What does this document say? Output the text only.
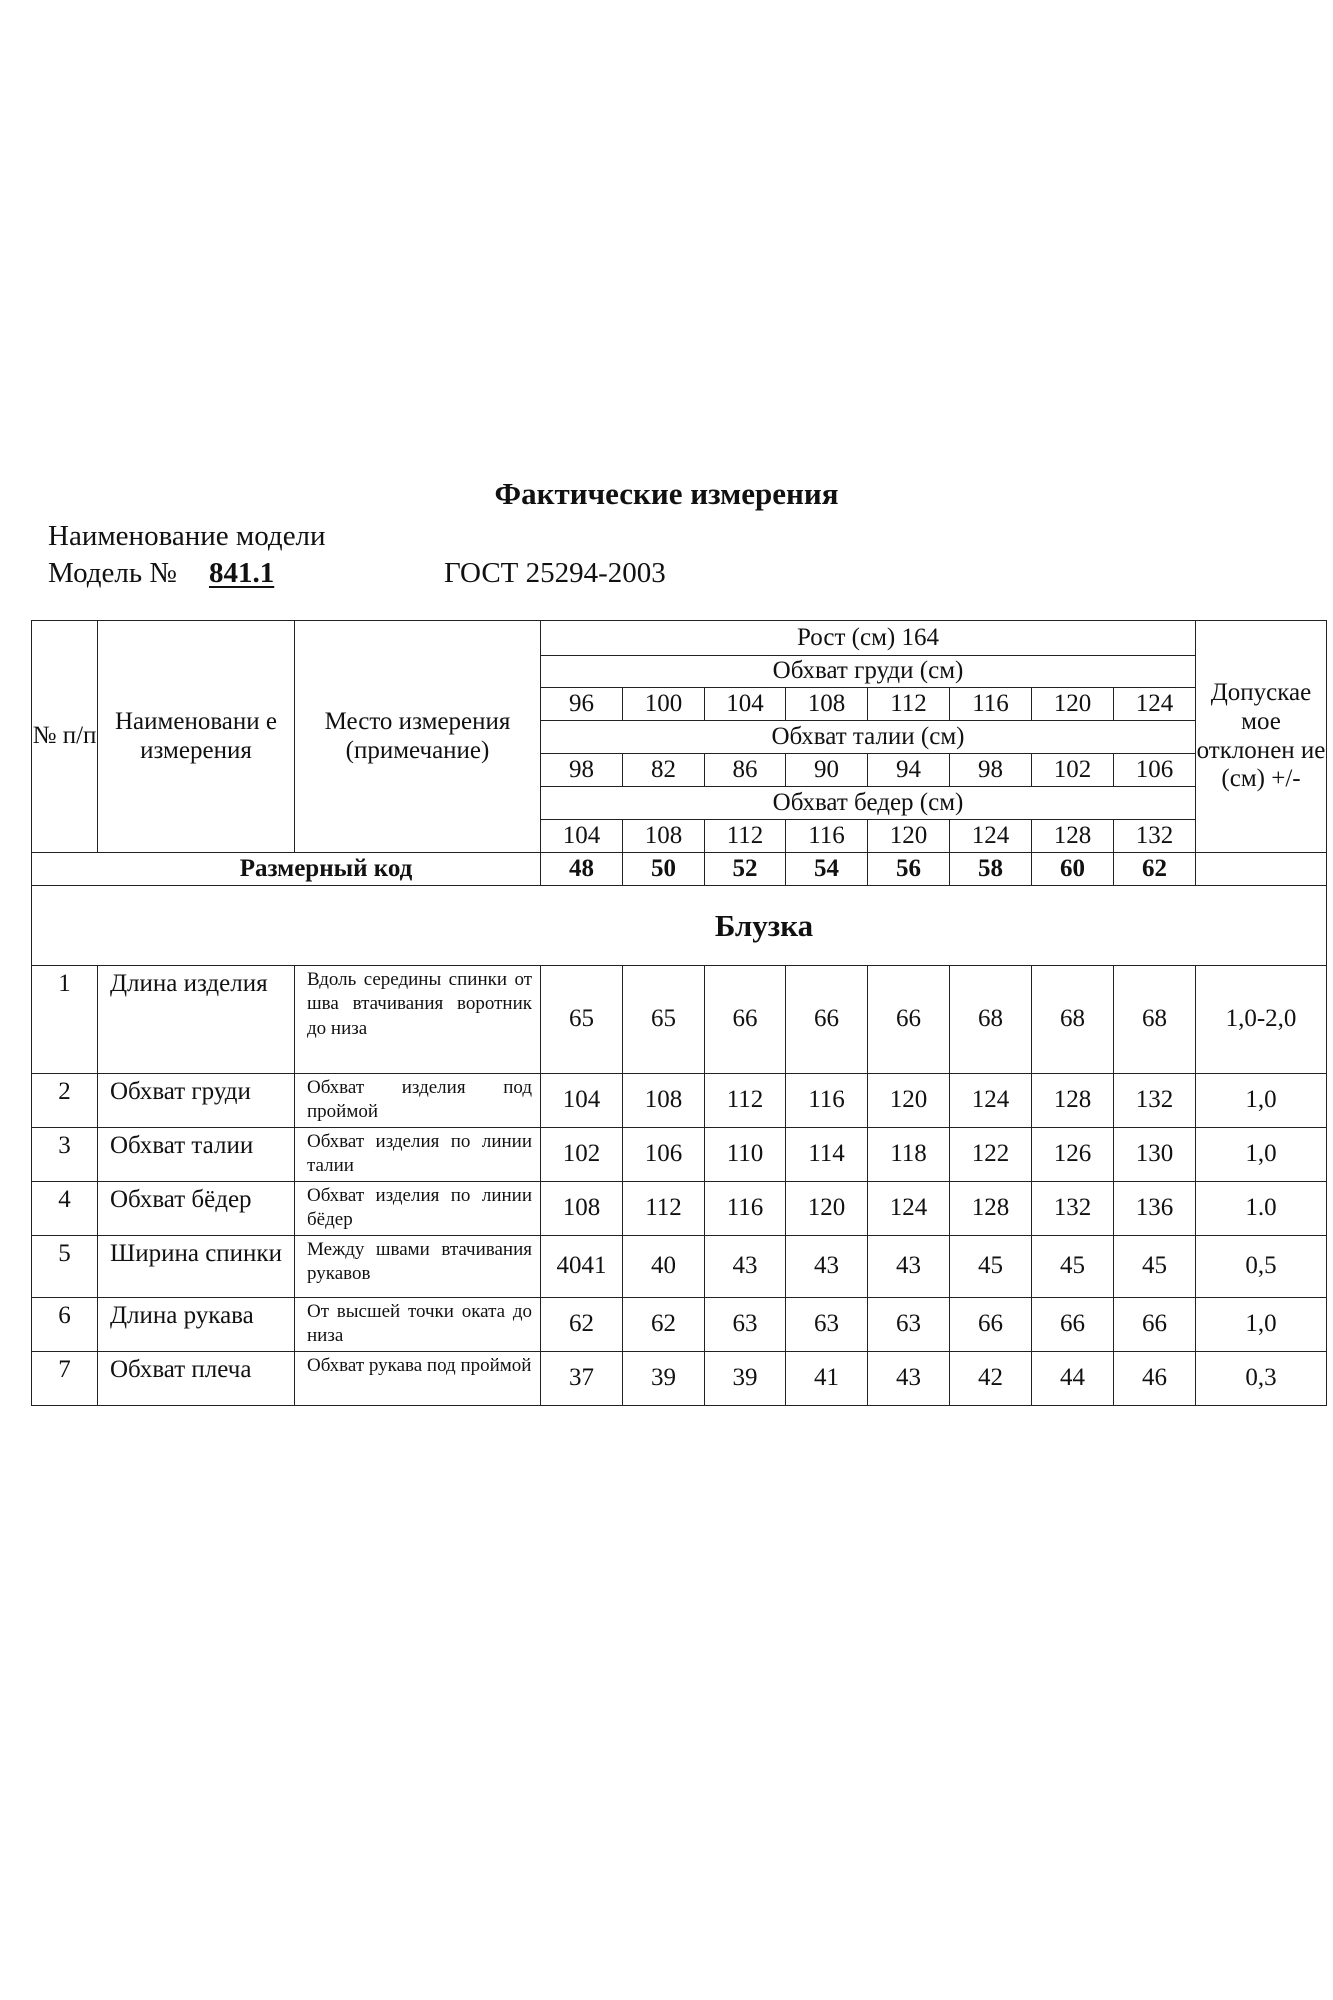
Фактические измерения
Наименование модели
Модель № 841.1	ГОСТ 25294-2003
№ п/п	Наименовани е измерения	Место измерения (примечание)	Рост (см) 164								Допускае мое отклонен ие (см) +/-
			Обхват груди (см)								
			96	100	104	108	112	116	120	124	
			Обхват талии (см)								
			98	82	86	90	94	98	102	106	
			Обхват бедер (см)								
			104	108	112	116	120	124	128	132	
Размерный код			48	50	52	54	56	58	60	62	
Блузка											
1	Длина изделия	Вдоль середины спинки от шва втачивания воротник до низа	65	65	66	66	66	68	68	68	1,0-2,0
2	Обхват груди	Обхват изделия под проймой	104	108	112	116	120	124	128	132	1,0
3	Обхват талии	Обхват изделия по линии талии	102	106	110	114	118	122	126	130	1,0
4	Обхват бёдер	Обхват изделия по линии бёдер	108	112	116	120	124	128	132	136	1.0
5	Ширина спинки	Между швами втачивания рукавов	4041	40	43	43	43	45	45	45	0,5
6	Длина рукава	От высшей точки оката до низа	62	62	63	63	63	66	66	66	1,0
7	Обхват плеча	Обхват рукава под проймой	37	39	39	41	43	42	44	46	0,3
